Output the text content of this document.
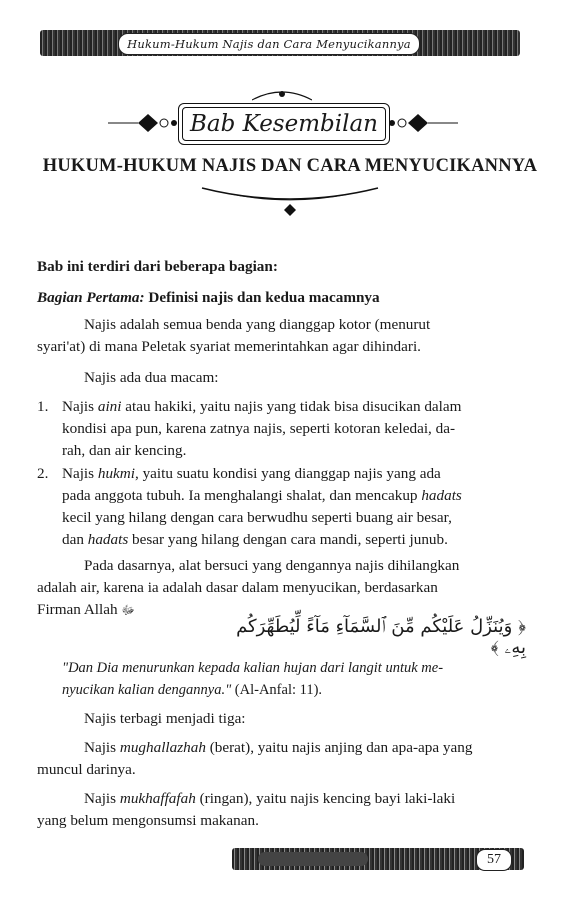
Hukum-Hukum Najis dan Cara Menyucikannya
Bab Kesembilan
HUKUM-HUKUM NAJIS DAN CARA MENYUCIKANNYA
Bab ini terdiri dari beberapa bagian:
Bagian Pertama: Definisi najis dan kedua macamnya
Najis adalah semua benda yang dianggap kotor (menurut
syari'at) di mana Peletak syariat memerintahkan agar dihindari.
Najis ada dua macam:
1. Najis aini atau hakiki, yaitu najis yang tidak bisa disucikan dalam
kondisi apa pun, karena zatnya najis, seperti kotoran keledai, da-
rah, dan air kencing.
2. Najis hukmi, yaitu suatu kondisi yang dianggap najis yang ada
pada anggota tubuh. Ia menghalangi shalat, dan mencakup hadats
kecil yang hilang dengan cara berwudhu seperti buang air besar,
dan hadats besar yang hilang dengan cara mandi, seperti junub.
Pada dasarnya, alat bersuci yang dengannya najis dihilangkan
adalah air, karena ia adalah dasar dalam menyucikan, berdasarkan
Firman Allah ﷻ
﴿ وَيُنَزِّلُ عَلَيْكُم مِّنَ ٱلسَّمَآءِ مَآءً لِّيُطَهِّرَكُم بِهِۦ ﴾
"Dan Dia menurunkan kepada kalian hujan dari langit untuk me-
nyucikan kalian dengannya." (Al-Anfal: 11).
Najis terbagi menjadi tiga:
Najis mughallazhah (berat), yaitu najis anjing dan apa-apa yang
muncul darinya.
Najis mukhaffafah (ringan), yaitu najis kencing bayi laki-laki
yang belum mengonsumsi makanan.
57
